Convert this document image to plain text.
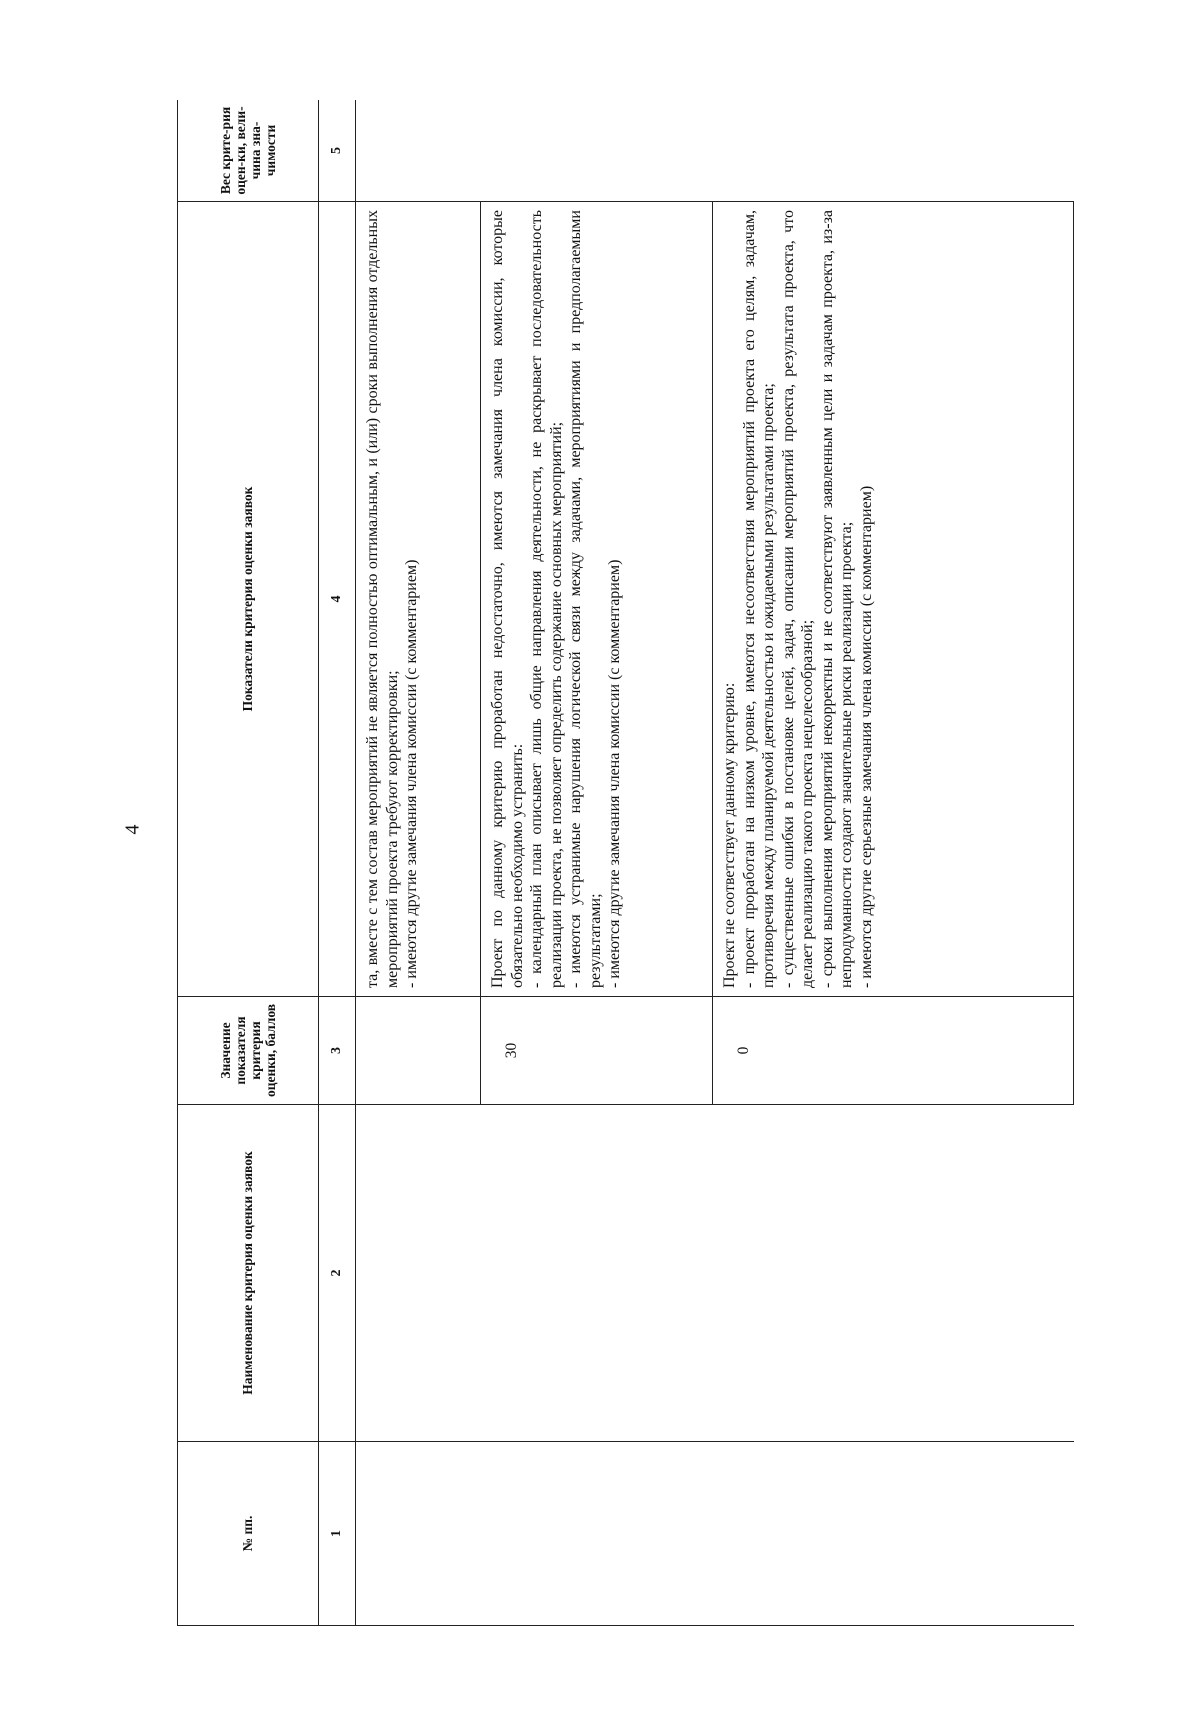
4
№ пп.	Наименование критерия оценки заявок	Значение показателя критерия оценки, баллов	Показатели критерия оценки заявок	Вес крите-рия оцен-ки, вели-чина зна-чимости
1	2	3	4	5

			та, вместе с тем состав мероприятий не является полностью оптимальным, и (или) сроки выполнения отдельных мероприятий проекта требуют корректировки; - имеются другие замечания члена комиссии (с комментарием)	

		30	Проект по данному критерию проработан недостаточно, имеются замечания члена комиссии, которые обязательно необходимо устранить: - календарный план описывает лишь общие направления деятельности, не раскрывает последовательность реализации проекта, не позволяет определить содержание основных мероприятий; - имеются устранимые нарушения логической связи между задачами, мероприятиями и предполагаемыми результатами; - имеются другие замечания члена комиссии (с комментарием)	

		0	Проект не соответствует данному критерию: - проект проработан на низком уровне, имеются несоответствия мероприятий проекта его целям, задачам, противоречия между планируемой деятельностью и ожидаемыми результатами проекта; - существенные ошибки в постановке целей, задач, описании мероприятий проекта, результата проекта, что делает реализацию такого проекта нецелесообразной; - сроки выполнения мероприятий некорректны и не соответствуют заявленным цели и задачам проекта, из-за непродуманности создают значительные риски реализации проекта; - имеются другие серьезные замечания члена комиссии (с комментарием)	
